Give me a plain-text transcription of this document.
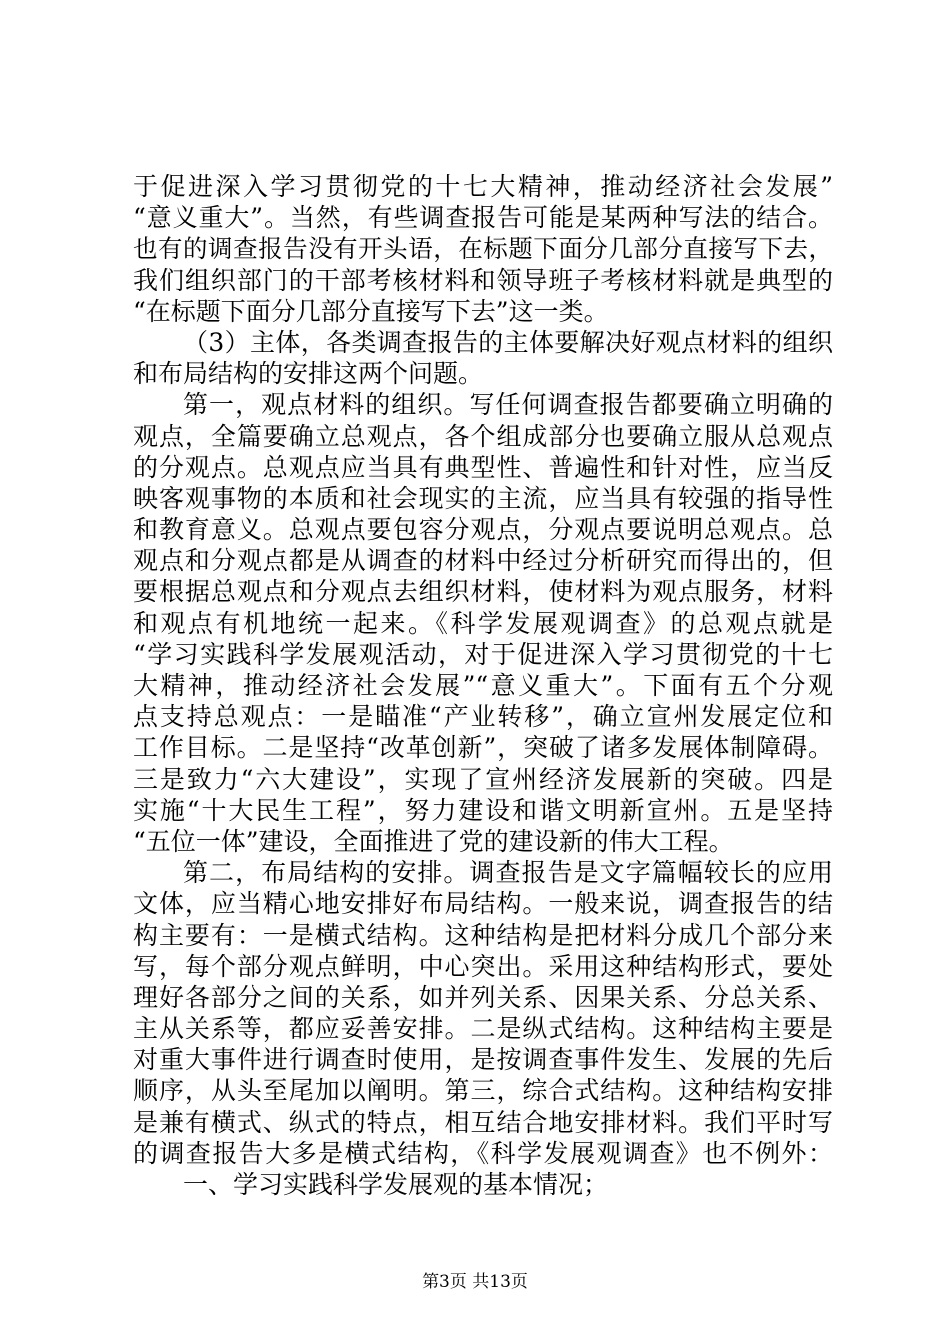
于促进深入学习贯彻党的十七大精神，推动经济社会发展”
“意义重大”。当然，有些调查报告可能是某两种写法的结合。
也有的调查报告没有开头语，在标题下面分几部分直接写下去，
我们组织部门的干部考核材料和领导班子考核材料就是典型的
“在标题下面分几部分直接写下去”这一类。
（3）主体，各类调查报告的主体要解决好观点材料的组织
和布局结构的安排这两个问题。
第一，观点材料的组织。写任何调查报告都要确立明确的
观点，全篇要确立总观点，各个组成部分也要确立服从总观点
的分观点。总观点应当具有典型性、普遍性和针对性，应当反
映客观事物的本质和社会现实的主流，应当具有较强的指导性
和教育意义。总观点要包容分观点，分观点要说明总观点。总
观点和分观点都是从调查的材料中经过分析研究而得出的，但
要根据总观点和分观点去组织材料，使材料为观点服务，材料
和观点有机地统一起来。《科学发展观调查》的总观点就是
“学习实践科学发展观活动，对于促进深入学习贯彻党的十七
大精神，推动经济社会发展”“意义重大”。下面有五个分观
点支持总观点：一是瞄准“产业转移”，确立宣州发展定位和
工作目标。二是坚持“改革创新”，突破了诸多发展体制障碍。
三是致力“六大建设”，实现了宣州经济发展新的突破。四是
实施“十大民生工程”，努力建设和谐文明新宣州。五是坚持
“五位一体”建设，全面推进了党的建设新的伟大工程。
第二，布局结构的安排。调查报告是文字篇幅较长的应用
文体，应当精心地安排好布局结构。一般来说，调查报告的结
构主要有：一是横式结构。这种结构是把材料分成几个部分来
写，每个部分观点鲜明，中心突出。采用这种结构形式，要处
理好各部分之间的关系，如并列关系、因果关系、分总关系、
主从关系等，都应妥善安排。二是纵式结构。这种结构主要是
对重大事件进行调查时使用，是按调查事件发生、发展的先后
顺序，从头至尾加以阐明。第三，综合式结构。这种结构安排
是兼有横式、纵式的特点，相互结合地安排材料。我们平时写
的调查报告大多是横式结构，《科学发展观调查》也不例外：
一、学习实践科学发展观的基本情况；
第3页 共13页
